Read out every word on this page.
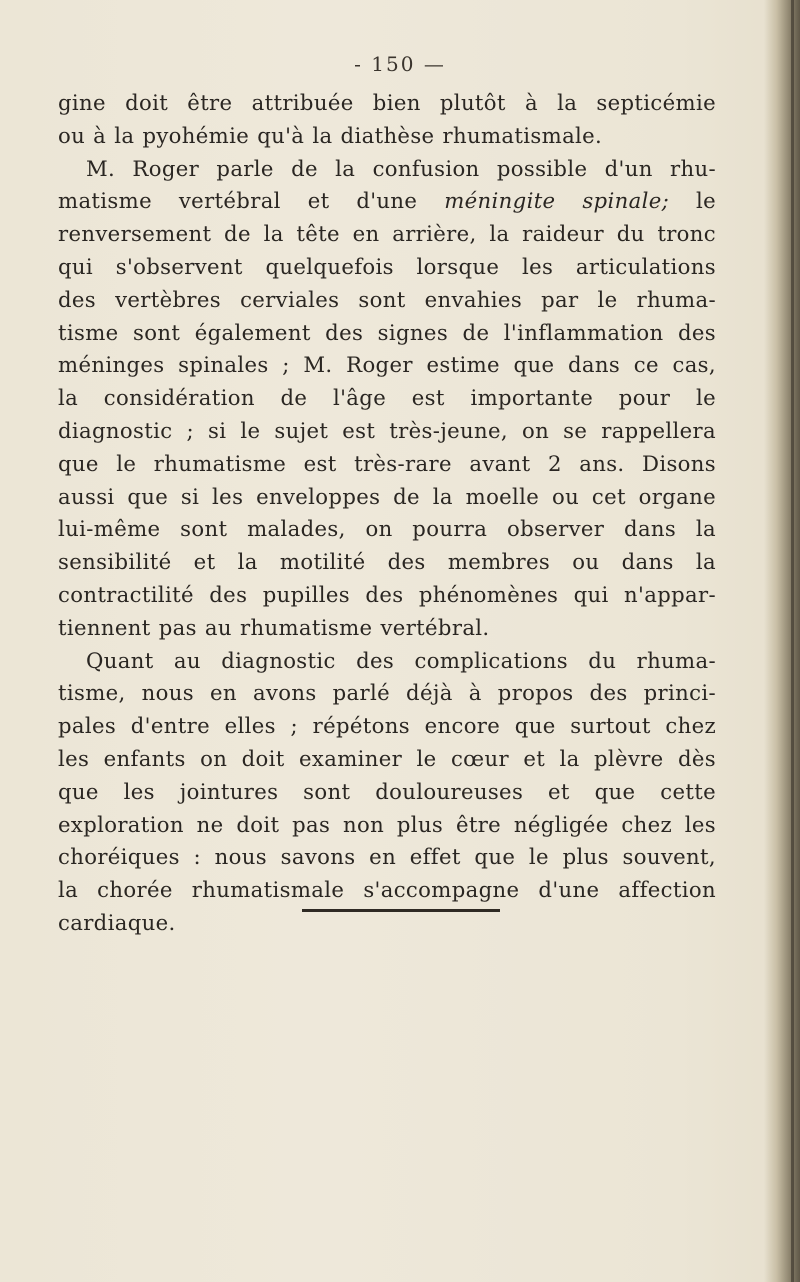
- 150 —
gine doit être attribuée bien plutôt à la septicémie
ou à la pyohémie qu'à la diathèse rhumatismale.
M. Roger parle de la confusion possible d'un rhu-
matisme vertébral et d'une méningite spinale; le
renversement de la tête en arrière, la raideur du tronc
qui s'observent quelquefois lorsque les articulations
des vertèbres cerviales sont envahies par le rhuma-
tisme sont également des signes de l'inflammation des
méninges spinales ; M. Roger estime que dans ce cas,
la considération de l'âge est importante pour le
diagnostic ; si le sujet est très-jeune, on se rappellera
que le rhumatisme est très-rare avant 2 ans. Disons
aussi que si les enveloppes de la moelle ou cet organe
lui-même sont malades, on pourra observer dans la
sensibilité et la motilité des membres ou dans la
contractilité des pupilles des phénomènes qui n'appar-
tiennent pas au rhumatisme vertébral.
Quant au diagnostic des complications du rhuma-
tisme, nous en avons parlé déjà à propos des princi-
pales d'entre elles ; répétons encore que surtout chez
les enfants on doit examiner le cœur et la plèvre dès
que les jointures sont douloureuses et que cette
exploration ne doit pas non plus être négligée chez les
choréiques : nous savons en effet que le plus souvent,
la chorée rhumatismale s'accompagne d'une affection
cardiaque.
